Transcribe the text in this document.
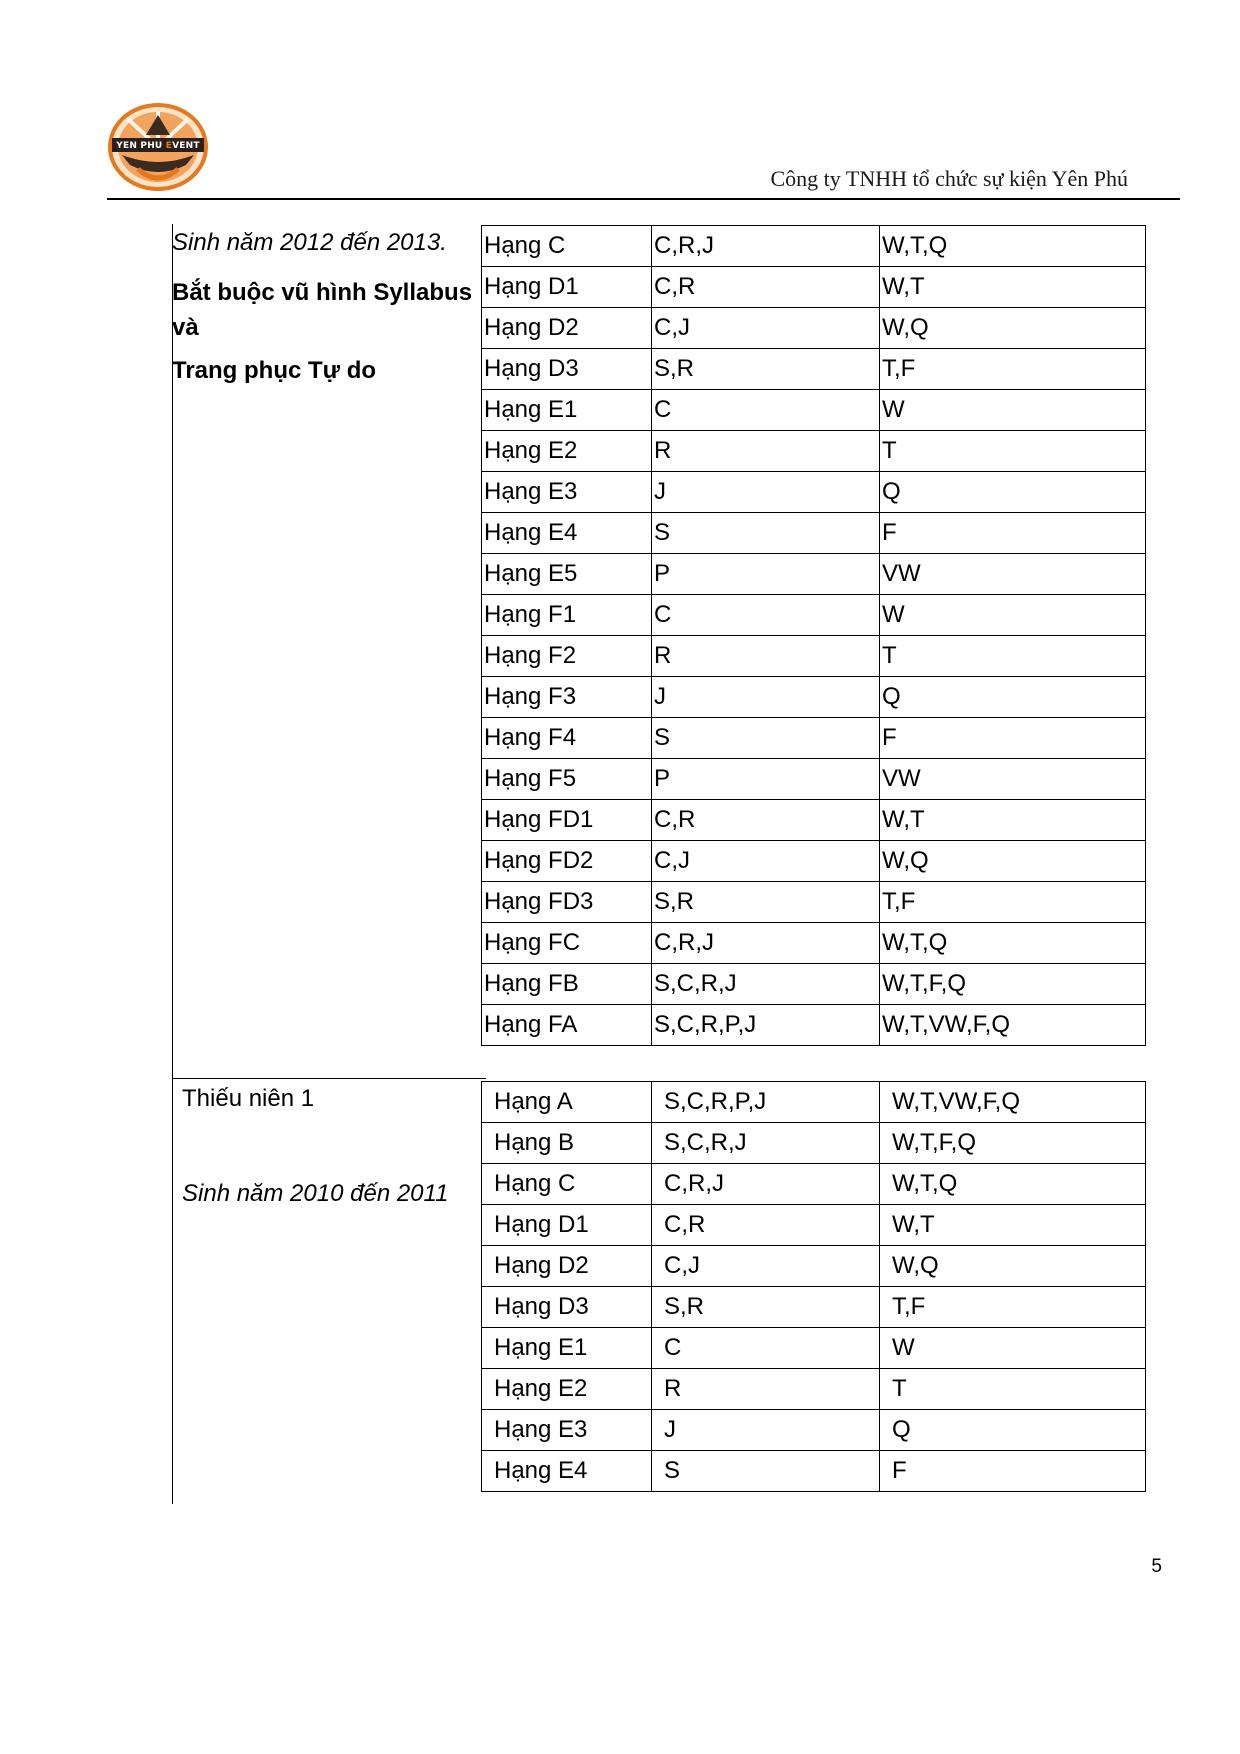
YEN PHU EVENT
Công ty TNHH tổ chức sự kiện Yên Phú
Sinh năm 2012 đến 2013.
Bắt buộc vũ hình Syllabus
và
Trang phục Tự do
Hạng C	C,R,J	W,T,Q
Hạng D1	C,R	W,T
Hạng D2	C,J	W,Q
Hạng D3	S,R	T,F
Hạng E1	C	W
Hạng E2	R	T
Hạng E3	J	Q
Hạng E4	S	F
Hạng E5	P	VW
Hạng F1	C	W
Hạng F2	R	T
Hạng F3	J	Q
Hạng F4	S	F
Hạng F5	P	VW
Hạng FD1	C,R	W,T
Hạng FD2	C,J	W,Q
Hạng FD3	S,R	T,F
Hạng FC	C,R,J	W,T,Q
Hạng FB	S,C,R,J	W,T,F,Q
Hạng FA	S,C,R,P,J	W,T,VW,F,Q
Thiếu niên 1
Sinh năm 2010 đến 2011
Hạng A	S,C,R,P,J	W,T,VW,F,Q
Hạng B	S,C,R,J	W,T,F,Q
Hạng C	C,R,J	W,T,Q
Hạng D1	C,R	W,T
Hạng D2	C,J	W,Q
Hạng D3	S,R	T,F
Hạng E1	C	W
Hạng E2	R	T
Hạng E3	J	Q
Hạng E4	S	F
5
